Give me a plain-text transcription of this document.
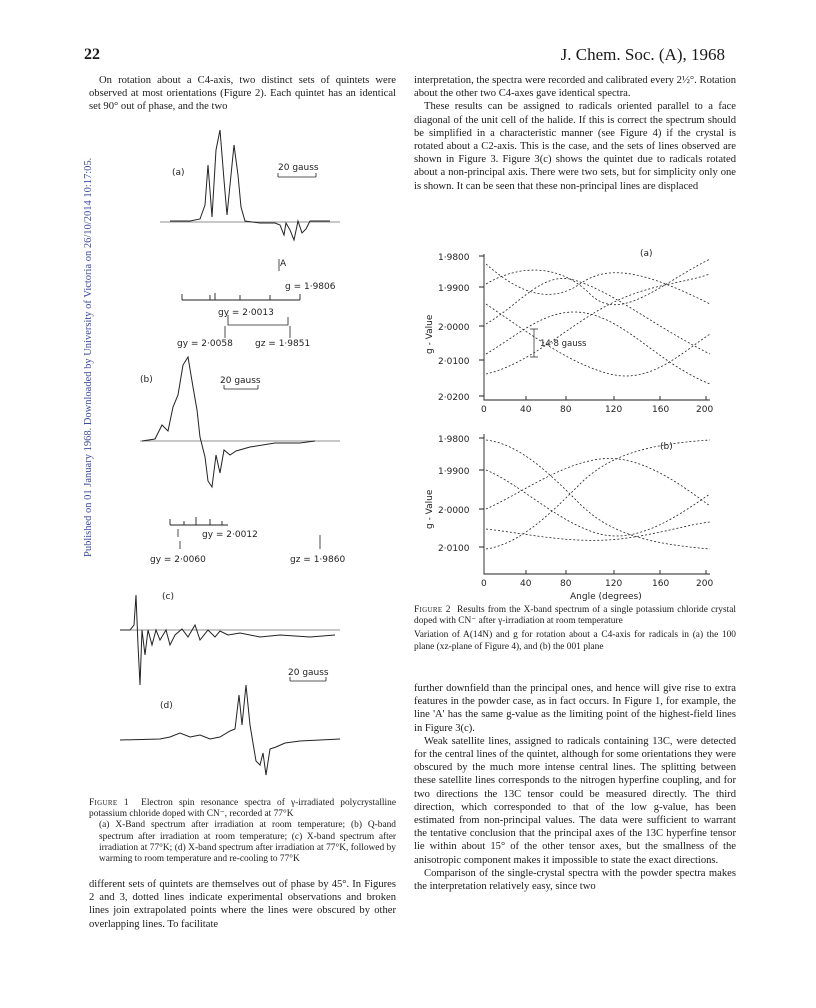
Published on 01 January 1968. Downloaded by University of Victoria on 26/10/2014 10:17:05.
22	J. Chem. Soc. (A), 1968

On rotation about a C4-axis, two distinct sets of quintets were observed at most orientations (Figure 2). Each quintet has an identical set 90° out of phase, and the two

interpretation, the spectra were recorded and calibrated every 2½°. Rotation about the other two C4-axes gave identical spectra.

These results can be assigned to radicals oriented parallel to a face diagonal of the unit cell of the halide. If this is correct the spectrum should be simplified in a characteristic manner (see Figure 4) if the crystal is rotated about a C2-axis. This is the case, and the sets of lines observed are shown in Figure 3. Figure 3(c) shows the quintet due to radicals rotated about a non-principal axis. There were two sets, but for simplicity only one is shown. It can be seen that these non-principal lines are displaced

(a)	20 gauss
A
g = 1·9806
gy = 2·0013
gy = 2·0058 gz = 1·9851
(b)	20 gauss
gy = 2·0012
gy = 2·0060	gz = 1·9860
(c)
20 gauss
(d)
Figure 1 Electron spin resonance spectra of γ-irradiated polycrystalline potassium chloride doped with CN⁻, recorded at 77°K
(a) X-Band spectrum after irradiation at room temperature; (b) Q-band spectrum after irradiation at room temperature; (c) X-band spectrum after irradiation at 77°K; (d) X-band spectrum after irradiation at 77°K, followed by warming to room temperature and re-cooling to 77°K

different sets of quintets are themselves out of phase by 45°. In Figures 2 and 3, dotted lines indicate experimental observations and broken lines join extrapolated points where the lines were obscured by other overlapping lines. To facilitate

1·9800
1·9900
2·0000
2·0100
2·0200
0	40	80	120	160	200
(a)
g - Value	14·8 gauss
1·9800
1·9900
2·0000
2·0100
0	40	80	120	160	200
Angle (degrees)
(b)
g - Value
Figure 2 Results from the X-band spectrum of a single potassium chloride crystal doped with CN⁻ after γ-irradiation at room temperature
Variation of A(14N) and g for rotation about a C4-axis for radicals in (a) the 100 plane (xz-plane of Figure 4), and (b) the 001 plane

further downfield than the principal ones, and hence will give rise to extra features in the powder case, as in fact occurs. In Figure 1, for example, the line 'A' has the same g-value as the limiting point of the highest-field lines in Figure 3(c).

Weak satellite lines, assigned to radicals containing 13C, were detected for the central lines of the quintet, although for some orientations they were obscured by the much more intense central lines. The splitting between these satellite lines corresponds to the nitrogen hyperfine coupling, and for two directions the 13C tensor could be measured directly. The third direction, which corresponded to that of the low g-value, has been estimated from non-principal values. The data were sufficient to warrant the tentative conclusion that the principal axes of the 13C hyperfine tensor lie within about 15° of the other tensor axes, but the smallness of the anisotropic component makes it impossible to state the exact directions.

Comparison of the single-crystal spectra with the powder spectra makes the interpretation relatively easy, since two
